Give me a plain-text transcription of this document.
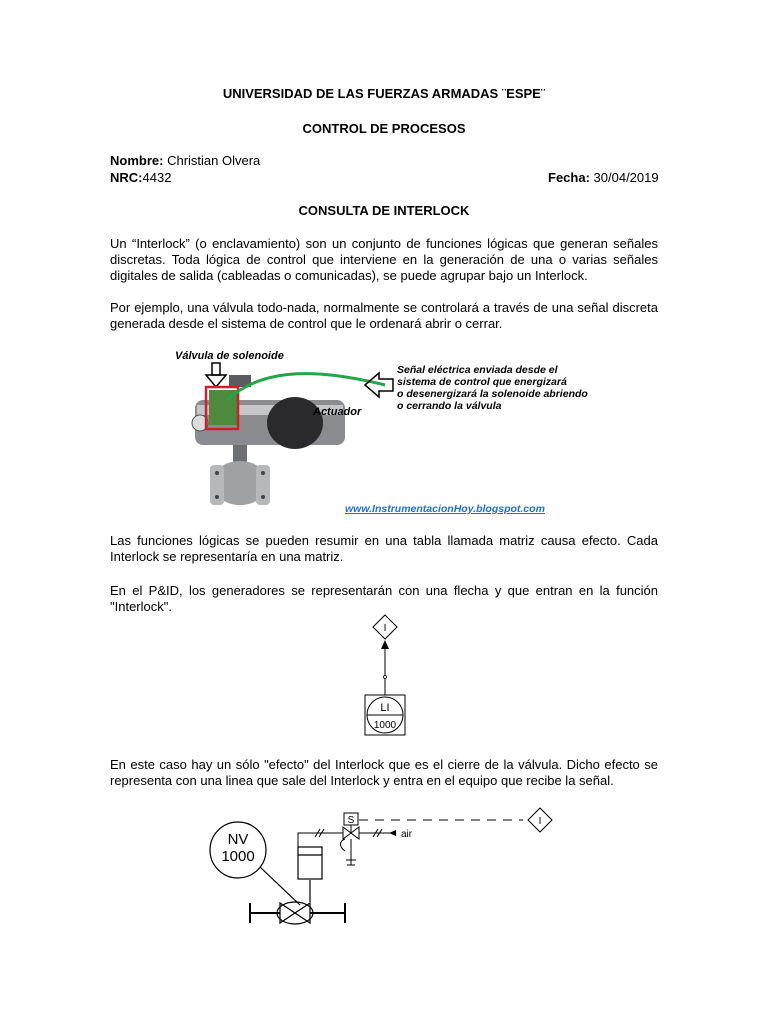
UNIVERSIDAD DE LAS FUERZAS ARMADAS ¨ESPE¨
CONTROL DE PROCESOS
Nombre: Christian Olvera
NRC:4432	Fecha: 30/04/2019
CONSULTA DE INTERLOCK
Un “Interlock” (o enclavamiento) son un conjunto de funciones lógicas que generan señales discretas. Toda lógica de control que interviene en la generación de una o varias señales digitales de salida (cableadas o comunicadas), se puede agrupar bajo un Interlock.
Por ejemplo, una válvula todo-nada, normalmente se controlará a través de una señal discreta generada desde el sistema de control que le ordenará abrir o cerrar.
Válvula de solenoide
Actuador
Señal eléctrica enviada desde el
sistema de control que energizará
o desenergizará la solenoide abriendo
o cerrando la válvula
www.InstrumentacionHoy.blogspot.com
Las funciones lógicas se pueden resumir en una tabla llamada matriz causa efecto. Cada Interlock se representaría en una matriz.
En el P&ID, los generadores se representarán con una flecha y que entran en la función "Interlock".
I
LI
1000
En este caso hay un sólo "efecto" del Interlock que es el cierre de la válvula. Dicho efecto se representa con una linea que sale del Interlock y entra en el equipo que recibe la señal.
NV
1000
S
air
I
